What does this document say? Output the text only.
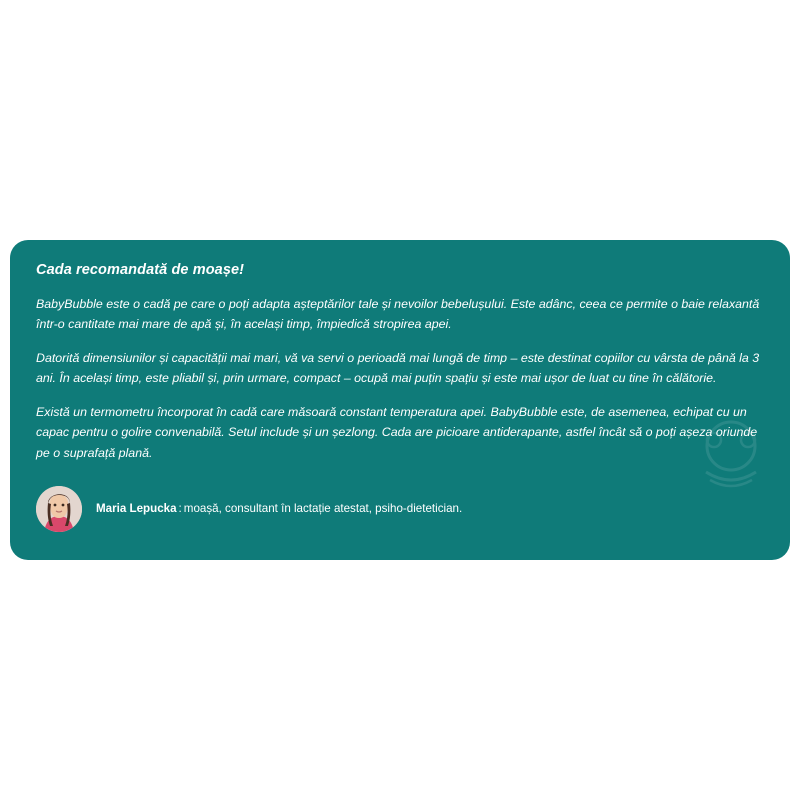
Cada recomandată de moașe!

BabyBubble este o cadă pe care o poți adapta așteptărilor tale și nevoilor bebelușului. Este adânc, ceea ce permite o baie relaxantă într-o cantitate mai mare de apă și, în același timp, împiedică stropirea apei.

Datorită dimensiunilor și capacității mai mari, vă va servi o perioadă mai lungă de timp – este destinat copiilor cu vârsta de până la 3 ani. În același timp, este pliabil și, prin urmare, compact – ocupă mai puțin spațiu și este mai ușor de luat cu tine în călătorie.

Există un termometru încorporat în cadă care măsoară constant temperatura apei. BabyBubble este, de asemenea, echipat cu un capac pentru o golire convenabilă. Setul include și un șezlong. Cada are picioare antiderapante, astfel încât să o poți așeza oriunde pe o suprafață plană.

Maria Lepucka : moașă, consultant în lactație atestat, psiho-dietetician.
